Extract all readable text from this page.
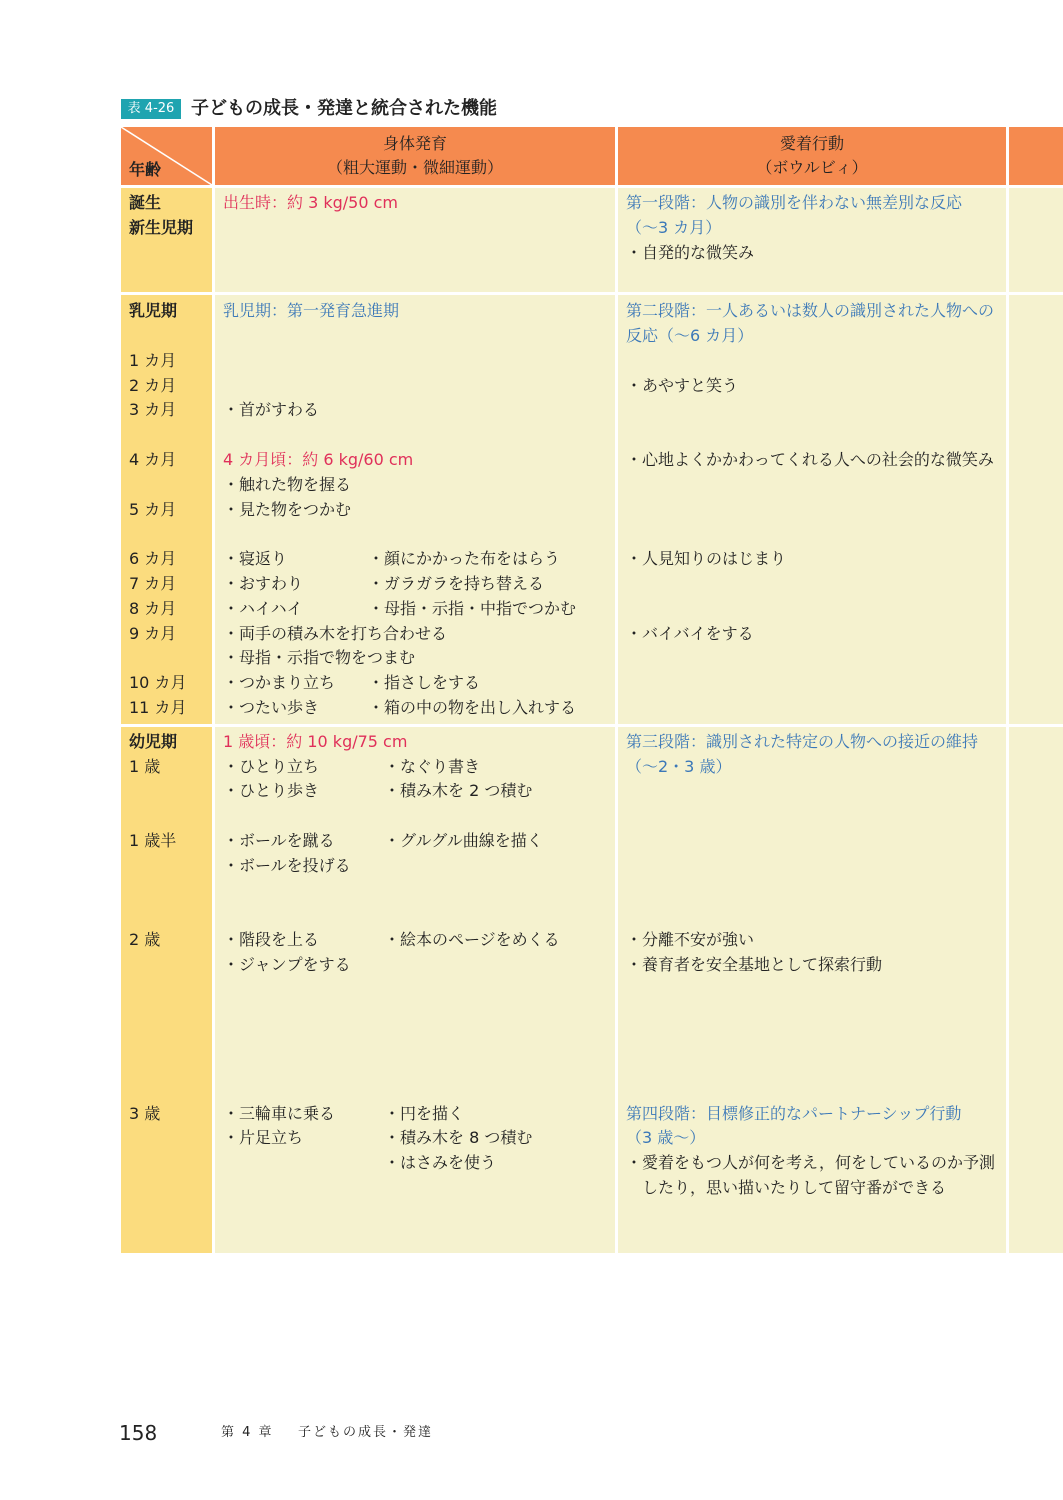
表 4-26 子どもの成長・発達と統合された機能
年齢
身体発育
（粗大運動・微細運動）
愛着行動
（ボウルビィ）
誕生
新生児期
出生時：約 3 kg/50 cm	第一段階：人物の識別を伴わない無差別な反応
（〜3 カ月）
・自発的な微笑み
乳児期
1 カ月
2 カ月
3 カ月
4 カ月
5 カ月
6 カ月
7 カ月
8 カ月
9 カ月
10 カ月
11 カ月
乳児期：第一発育急進期
・首がすわる
4 カ月頃：約 6 kg/60 cm
・触れた物を握る
・見た物をつかむ
・寝返り
・おすわり
・ハイハイ
・両手の積み木を打ち合わせる
・母指・示指で物をつまむ
・つかまり立ち
・つたい歩き
・顔にかかった布をはらう
・ガラガラを持ち替える
・母指・示指・中指でつかむ
・指さしをする
・箱の中の物を出し入れする
第二段階：一人あるいは数人の識別された人物への
反応（〜6 カ月）
・あやすと笑う
・心地よくかかわってくれる人への社会的な微笑み
・人見知りのはじまり
・バイバイをする
幼児期
1 歳
1 歳半
2 歳
3 歳
1 歳頃：約 10 kg/75 cm
・ひとり立ち
・ひとり歩き
・ボールを蹴る
・ボールを投げる
・階段を上る
・ジャンプをする
・三輪車に乗る
・片足立ち
・なぐり書き
・積み木を 2 つ積む
・グルグル曲線を描く
・絵本のページをめくる
・円を描く
・積み木を 8 つ積む
・はさみを使う
第三段階：識別された特定の人物への接近の維持
（〜2・3 歳）
・分離不安が強い
・養育者を安全基地として探索行動
第四段階：目標修正的なパートナーシップ行動
（3 歳〜）
・愛着をもつ人が何を考え，何をしているのか予測
したり，思い描いたりして留守番ができる
158	第 4 章 子どもの成長・発達
